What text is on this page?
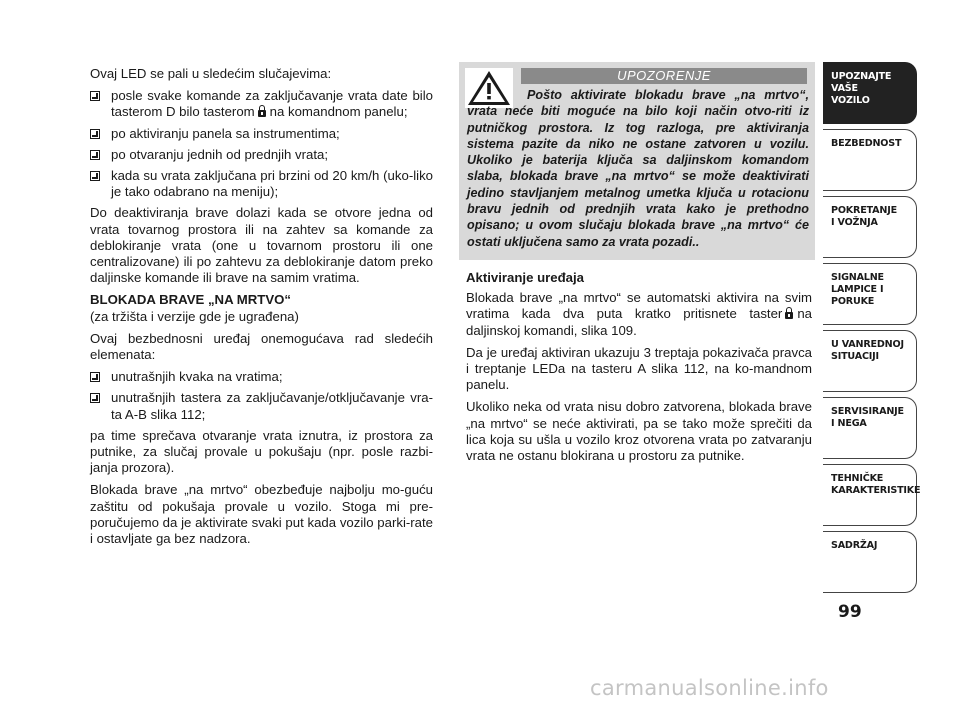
Ovaj LED se pali u sledećim slučajevima:

posle svake komande za zaključavanje vrata date bilo tasterom D bilo tasterom na komandnom panelu;
po aktiviranju panela sa instrumentima;
po otvaranju jednih od prednjih vrata;
kada su vrata zaključana pri brzini od 20 km/h (uko-liko je tako odabrano na meniju);

Do deaktiviranja brave dolazi kada se otvore jedna od vrata tovarnog prostora ili na zahtev sa komande za deblokiranje vrata (one u tovarnom prostoru ili one centralizovane) ili po zahtevu za deblokiranje datom preko daljinske komande ili brave na samim vratima.

BLOKADA BRAVE „NA MRTVO“

(za tržišta i verzije gde je ugrađena)

Ovaj bezbednosni uređaj onemogućava rad sledećih elemenata:

unutrašnjih kvaka na vratima;
unutrašnjih tastera za zaključavanje/otključavanje vra-ta A-B slika 112;

pa time sprečava otvaranje vrata iznutra, iz prostora za putnike, za slučaj provale u pokušaju (npr. posle razbi-janja prozora).

Blokada brave „na mrtvo“ obezbeđuje najbolju mo-guću zaštitu od pokušaja provale u vozilo. Stoga mi pre-poručujemo da je aktivirate svaki put kada vozilo parki-rate i ostavljate ga bez nadzora.

UPOZORENJE
Pošto aktivirate blokadu brave „na mrtvo“, vrata neće biti moguće na bilo koji način otvo-riti iz putničkog prostora. Iz tog razloga, pre aktiviranja sistema pazite da niko ne ostane zatvoren u vozilu. Ukoliko je baterija ključa sa daljinskom komandom slaba, blokada brave „na mrtvo“ se može deaktivirati jedino stavljanjem metalnog umetka ključa u rotacionu bravu jednih od prednjih vrata kako je prethodno opisano; u ovom slučaju blokada brave „na mrtvo“ će ostati uključena samo za vrata pozadi..
Aktiviranje uređaja

Blokada brave „na mrtvo“ se automatski aktivira na svim vratima kada dva puta kratko pritisnete taster na daljinskoj komandi, slika 109.

Da je uređaj aktiviran ukazuju 3 treptaja pokazivača pravca i treptanje LEDa na tasteru A slika 112, na ko-mandnom panelu.

Ukoliko neka od vrata nisu dobro zatvorena, blokada brave „na mrtvo“ se neće aktivirati, pa se tako može sprečiti da lica koja su ušla u vozilo kroz otvorena vrata po zatvaranju vrata ne ostanu blokirana u prostoru za putnike.

UPOZNAJTE
VAŠE
VOZILO
BEZBEDNOST
POKRETANJE
I VOŽNJA
SIGNALNE
LAMPICE I PORUKE
U VANREDNOJ
SITUACIJI
SERVISIRANJE
I NEGA
TEHNIČKE
KARAKTERISTIKE
SADRŽAJ
99
carmanualsonline.info
